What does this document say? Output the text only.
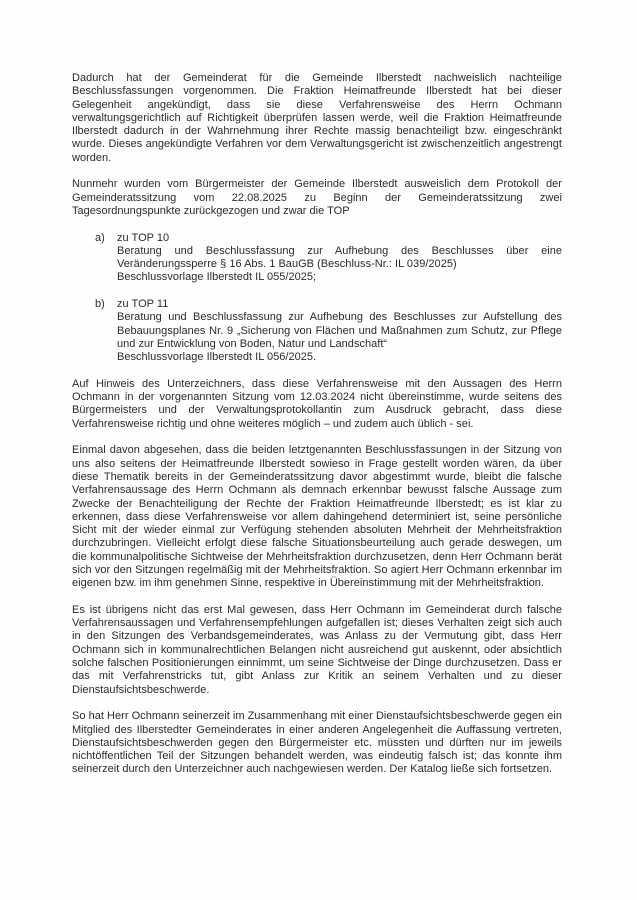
Dadurch hat der Gemeinderat für die Gemeinde Ilberstedt nachweislich nachteilige Beschlussfassungen vorgenommen. Die Fraktion Heimatfreunde Ilberstedt hat bei dieser Gelegenheit angekündigt, dass sie diese Verfahrensweise des Herrn Ochmann verwaltungsgerichtlich auf Richtigkeit überprüfen lassen werde, weil die Fraktion Heimatfreunde Ilberstedt dadurch in der Wahrnehmung ihrer Rechte massig benachteiligt bzw. eingeschränkt wurde. Dieses angekündigte Verfahren vor dem Verwaltungsgericht ist zwischenzeitlich angestrengt worden.

Nunmehr wurden vom Bürgermeister der Gemeinde Ilberstedt ausweislich dem Protokoll der Gemeinderatssitzung vom 22.08.2025 zu Beginn der Gemeinderatssitzung zwei Tagesordnungspunkte zurückgezogen und zwar die TOP

a)	zu TOP 10
Beratung und Beschlussfassung zur Aufhebung des Beschlusses über eine Veränderungssperre § 16 Abs. 1 BauGB (Beschluss-Nr.: IL 039/2025)
Beschlussvorlage Ilberstedt IL 055/2025;
b)	zu TOP 11
Beratung und Beschlussfassung zur Aufhebung des Beschlusses zur Aufstellung des Bebauungsplanes Nr. 9 „Sicherung von Flächen und Maßnahmen zum Schutz, zur Pflege und zur Entwicklung von Boden, Natur und Landschaft“
Beschlussvorlage Ilberstedt IL 056/2025.

Auf Hinweis des Unterzeichners, dass diese Verfahrensweise mit den Aussagen des Herrn Ochmann in der vorgenannten Sitzung vom 12.03.2024 nicht übereinstimme, wurde seitens des Bürgermeisters und der Verwaltungsprotokollantin zum Ausdruck gebracht, dass diese Verfahrensweise richtig und ohne weiteres möglich – und zudem auch üblich - sei.

Einmal davon abgesehen, dass die beiden letztgenannten Beschlussfassungen in der Sitzung von uns also seitens der Heimatfreunde Ilberstedt sowieso in Frage gestellt worden wären, da über diese Thematik bereits in der Gemeinderatssitzung davor abgestimmt wurde, bleibt die falsche Verfahrensaussage des Herrn Ochmann als demnach erkennbar bewusst falsche Aussage zum Zwecke der Benachteiligung der Rechte der Fraktion Heimatfreunde Ilberstedt; es ist klar zu erkennen, dass diese Verfahrensweise vor allem dahingehend determiniert ist, seine persönliche Sicht mit der wieder einmal zur Verfügung stehenden absoluten Mehrheit der Mehrheitsfraktion durchzubringen. Vielleicht erfolgt diese falsche Situationsbeurteilung auch gerade deswegen, um die kommunalpolitische Sichtweise der Mehrheitsfraktion durchzusetzen, denn Herr Ochmann berät sich vor den Sitzungen regelmäßig mit der Mehrheitsfraktion. So agiert Herr Ochmann erkennbar im eigenen bzw. im ihm genehmen Sinne, respektive in Übereinstimmung mit der Mehrheitsfraktion.

Es ist übrigens nicht das erst Mal gewesen, dass Herr Ochmann im Gemeinderat durch falsche Verfahrensaussagen und Verfahrensempfehlungen aufgefallen ist; dieses Verhalten zeigt sich auch in den Sitzungen des Verbandsgemeinderates, was Anlass zu der Vermutung gibt, dass Herr Ochmann sich in kommunalrechtlichen Belangen nicht ausreichend gut auskennt, oder absichtlich solche falschen Positionierungen einnimmt, um seine Sichtweise der Dinge durchzusetzen. Dass er das mit Verfahrenstricks tut, gibt Anlass zur Kritik an seinem Verhalten und zu dieser Dienstaufsichtsbeschwerde.

So hat Herr Ochmann seinerzeit im Zusammenhang mit einer Dienstaufsichtsbeschwerde gegen ein Mitglied des Ilberstedter Gemeinderates in einer anderen Angelegenheit die Auffassung vertreten, Dienstaufsichtsbeschwerden gegen den Bürgermeister etc. müssten und dürften nur im jeweils nichtöffentlichen Teil der Sitzungen behandelt werden, was eindeutig falsch ist; das konnte ihm seinerzeit durch den Unterzeichner auch nachgewiesen werden. Der Katalog ließe sich fortsetzen.
